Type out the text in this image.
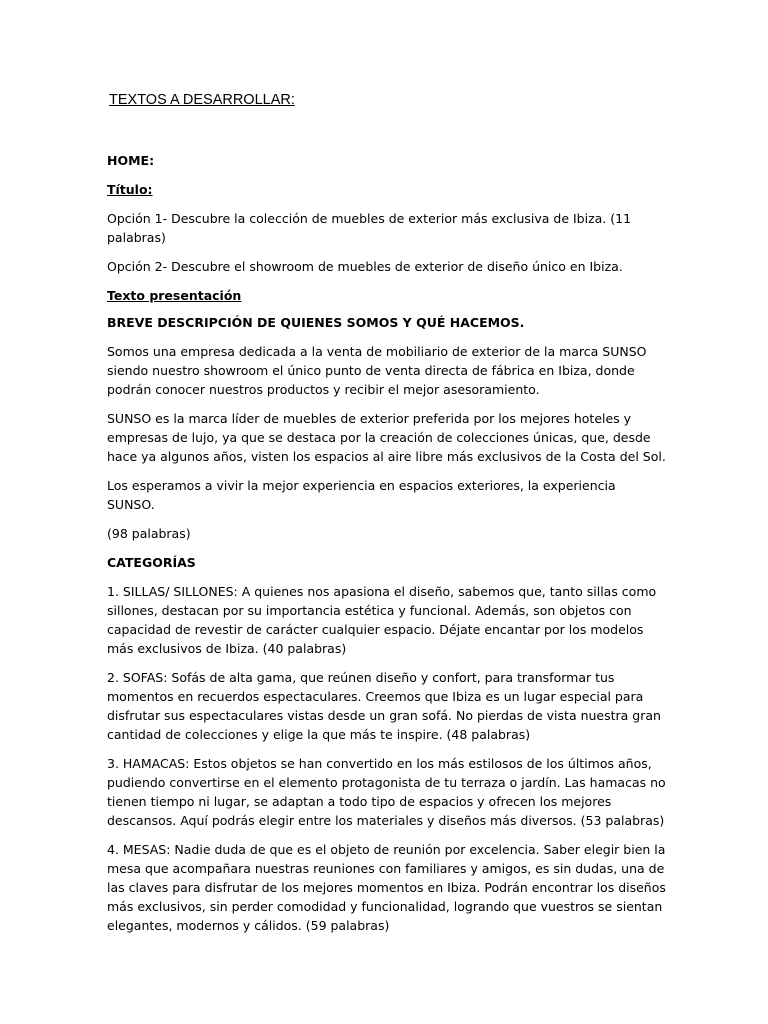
TEXTOS A DESARROLLAR:
HOME:
Título:
Opción 1- Descubre la colección de muebles de exterior más exclusiva de Ibiza. (11 palabras)
Opción 2- Descubre el showroom de muebles de exterior de diseño único en Ibiza.
Texto presentación
BREVE DESCRIPCIÓN DE QUIENES SOMOS Y QUÉ HACEMOS.
Somos una empresa dedicada a la venta de mobiliario de exterior de la marca SUNSO siendo nuestro showroom el único punto de venta directa de fábrica en Ibiza, donde podrán conocer nuestros productos y recibir el mejor asesoramiento.
SUNSO es la marca líder de muebles de exterior preferida por los mejores hoteles y empresas de lujo, ya que se destaca por la creación de colecciones únicas, que, desde hace ya algunos años, visten los espacios al aire libre más exclusivos de la Costa del Sol.
Los esperamos a vivir la mejor experiencia en espacios exteriores, la experiencia SUNSO.
(98 palabras)
CATEGORÍAS
1. SILLAS/ SILLONES: A quienes nos apasiona el diseño, sabemos que, tanto sillas como sillones, destacan por su importancia estética y funcional. Además, son objetos con capacidad de revestir de carácter cualquier espacio. Déjate encantar por los modelos más exclusivos de Ibiza. (40 palabras)
2. SOFAS: Sofás de alta gama, que reúnen diseño y confort, para transformar tus momentos en recuerdos espectaculares. Creemos que Ibiza es un lugar especial para disfrutar sus espectaculares vistas desde un gran sofá. No pierdas de vista nuestra gran cantidad de colecciones y elige la que más te inspire. (48 palabras)
3. HAMACAS: Estos objetos se han convertido en los más estilosos de los últimos años, pudiendo convertirse en el elemento protagonista de tu terraza o jardín. Las hamacas no tienen tiempo ni lugar, se adaptan a todo tipo de espacios y ofrecen los mejores descansos. Aquí podrás elegir entre los materiales y diseños más diversos. (53 palabras)
4. MESAS: Nadie duda de que es el objeto de reunión por excelencia. Saber elegir bien la mesa que acompañara nuestras reuniones con familiares y amigos, es sin dudas, una de las claves para disfrutar de los mejores momentos en Ibiza. Podrán encontrar los diseños más exclusivos, sin perder comodidad y funcionalidad, logrando que vuestros se sientan elegantes, modernos y cálidos. (59 palabras)
